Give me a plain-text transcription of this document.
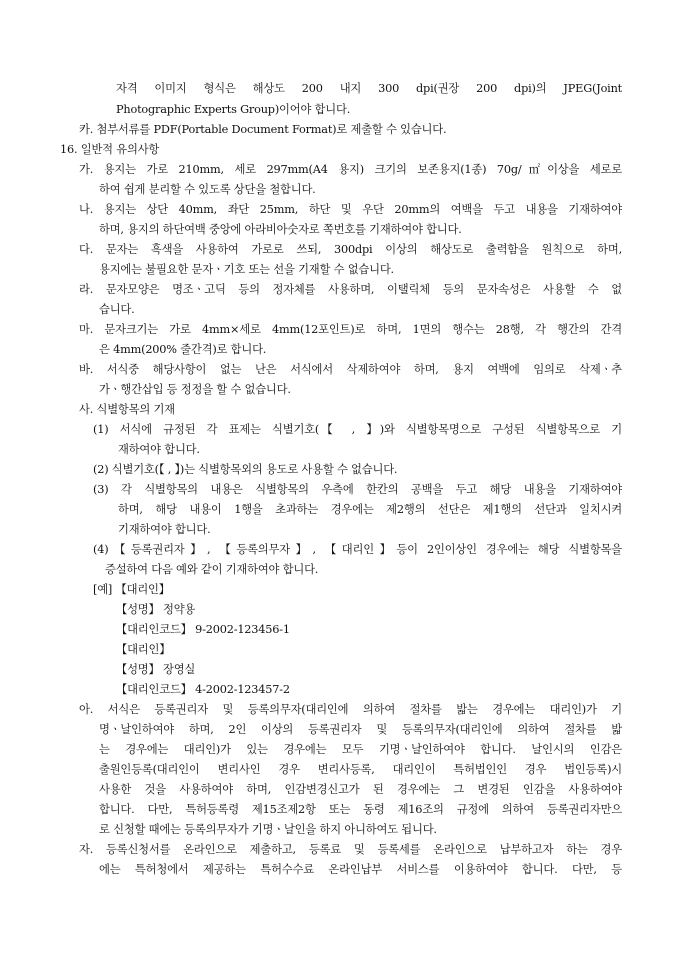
자격 이미지 형식은 해상도 200 내지 300 dpi(권장 200 dpi)의 JPEG(Joint
Photographic Experts Group)이어야 합니다.
카. 첨부서류를 PDF(Portable Document Format)로 제출할 수 있습니다.
16. 일반적 유의사항
가. 용지는 가로 210mm, 세로 297mm(A4 용지) 크기의 보존용지(1종) 70g/㎡이상을 세로로
하여 쉽게 분리할 수 있도록 상단을 철합니다.
나. 용지는 상단 40mm, 좌단 25mm, 하단 및 우단 20mm의 여백을 두고 내용을 기재하여야
하며, 용지의 하단여백 중앙에 아라비아숫자로 쪽번호를 기재하여야 합니다.
다. 문자는 흑색을 사용하여 가로로 쓰되, 300dpi 이상의 해상도로 출력함을 원칙으로 하며,
용지에는 불필요한 문자ㆍ기호 또는 선을 기재할 수 없습니다.
라. 문자모양은 명조ㆍ고딕 등의 정자체를 사용하며, 이탤릭체 등의 문자속성은 사용할 수 없
습니다.
마. 문자크기는 가로 4mm×세로 4mm(12포인트)로 하며, 1면의 행수는 28행, 각 행간의 간격
은 4mm(200% 줄간격)로 합니다.
바. 서식중 해당사항이 없는 난은 서식에서 삭제하여야 하며, 용지 여백에 임의로 삭제ㆍ추
가ㆍ행간삽입 등 정정을 할 수 없습니다.
사. 식별항목의 기재
(1) 서식에 규정된 각 표제는 식별기호(【 , 】)와 식별항목명으로 구성된 식별항목으로 기
재하여야 합니다.
(2) 식별기호(【 , 】)는 식별항목외의 용도로 사용할 수 없습니다.
(3) 각 식별항목의 내용은 식별항목의 우측에 한칸의 공백을 두고 해당 내용을 기재하여야
하며, 해당 내용이 1행을 초과하는 경우에는 제2행의 선단은 제1행의 선단과 일치시켜
기재하여야 합니다.
(4)【등록권리자】, 【등록의무자】, 【대리인】등이 2인이상인 경우에는 해당 식별항목을
증설하여 다음 예와 같이 기재하여야 합니다.
[예] 【대리인】
【성명】 정약용
【대리인코드】 9-2002-123456-1
【대리인】
【성명】 장영실
【대리인코드】 4-2002-123457-2
아. 서식은 등록권리자 및 등록의무자(대리인에 의하여 절차를 밟는 경우에는 대리인)가 기
명ㆍ날인하여야 하며, 2인 이상의 등록권리자 및 등록의무자(대리인에 의하여 절차를 밟
는 경우에는 대리인)가 있는 경우에는 모두 기명ㆍ날인하여야 합니다. 날인시의 인감은
출원인등록(대리인이 변리사인 경우 변리사등록, 대리인이 특허법인인 경우 법인등록)시
사용한 것을 사용하여야 하며, 인감변경신고가 된 경우에는 그 변경된 인감을 사용하여야
합니다. 다만, 특허등록령 제15조제2항 또는 동령 제16조의 규정에 의하여 등록권리자만으
로 신청할 때에는 등록의무자가 기명ㆍ날인을 하지 아니하여도 됩니다.
자. 등록신청서를 온라인으로 제출하고, 등록료 및 등록세를 온라인으로 납부하고자 하는 경우
에는 특허청에서 제공하는 특허수수료 온라인납부 서비스를 이용하여야 합니다. 다만, 등
